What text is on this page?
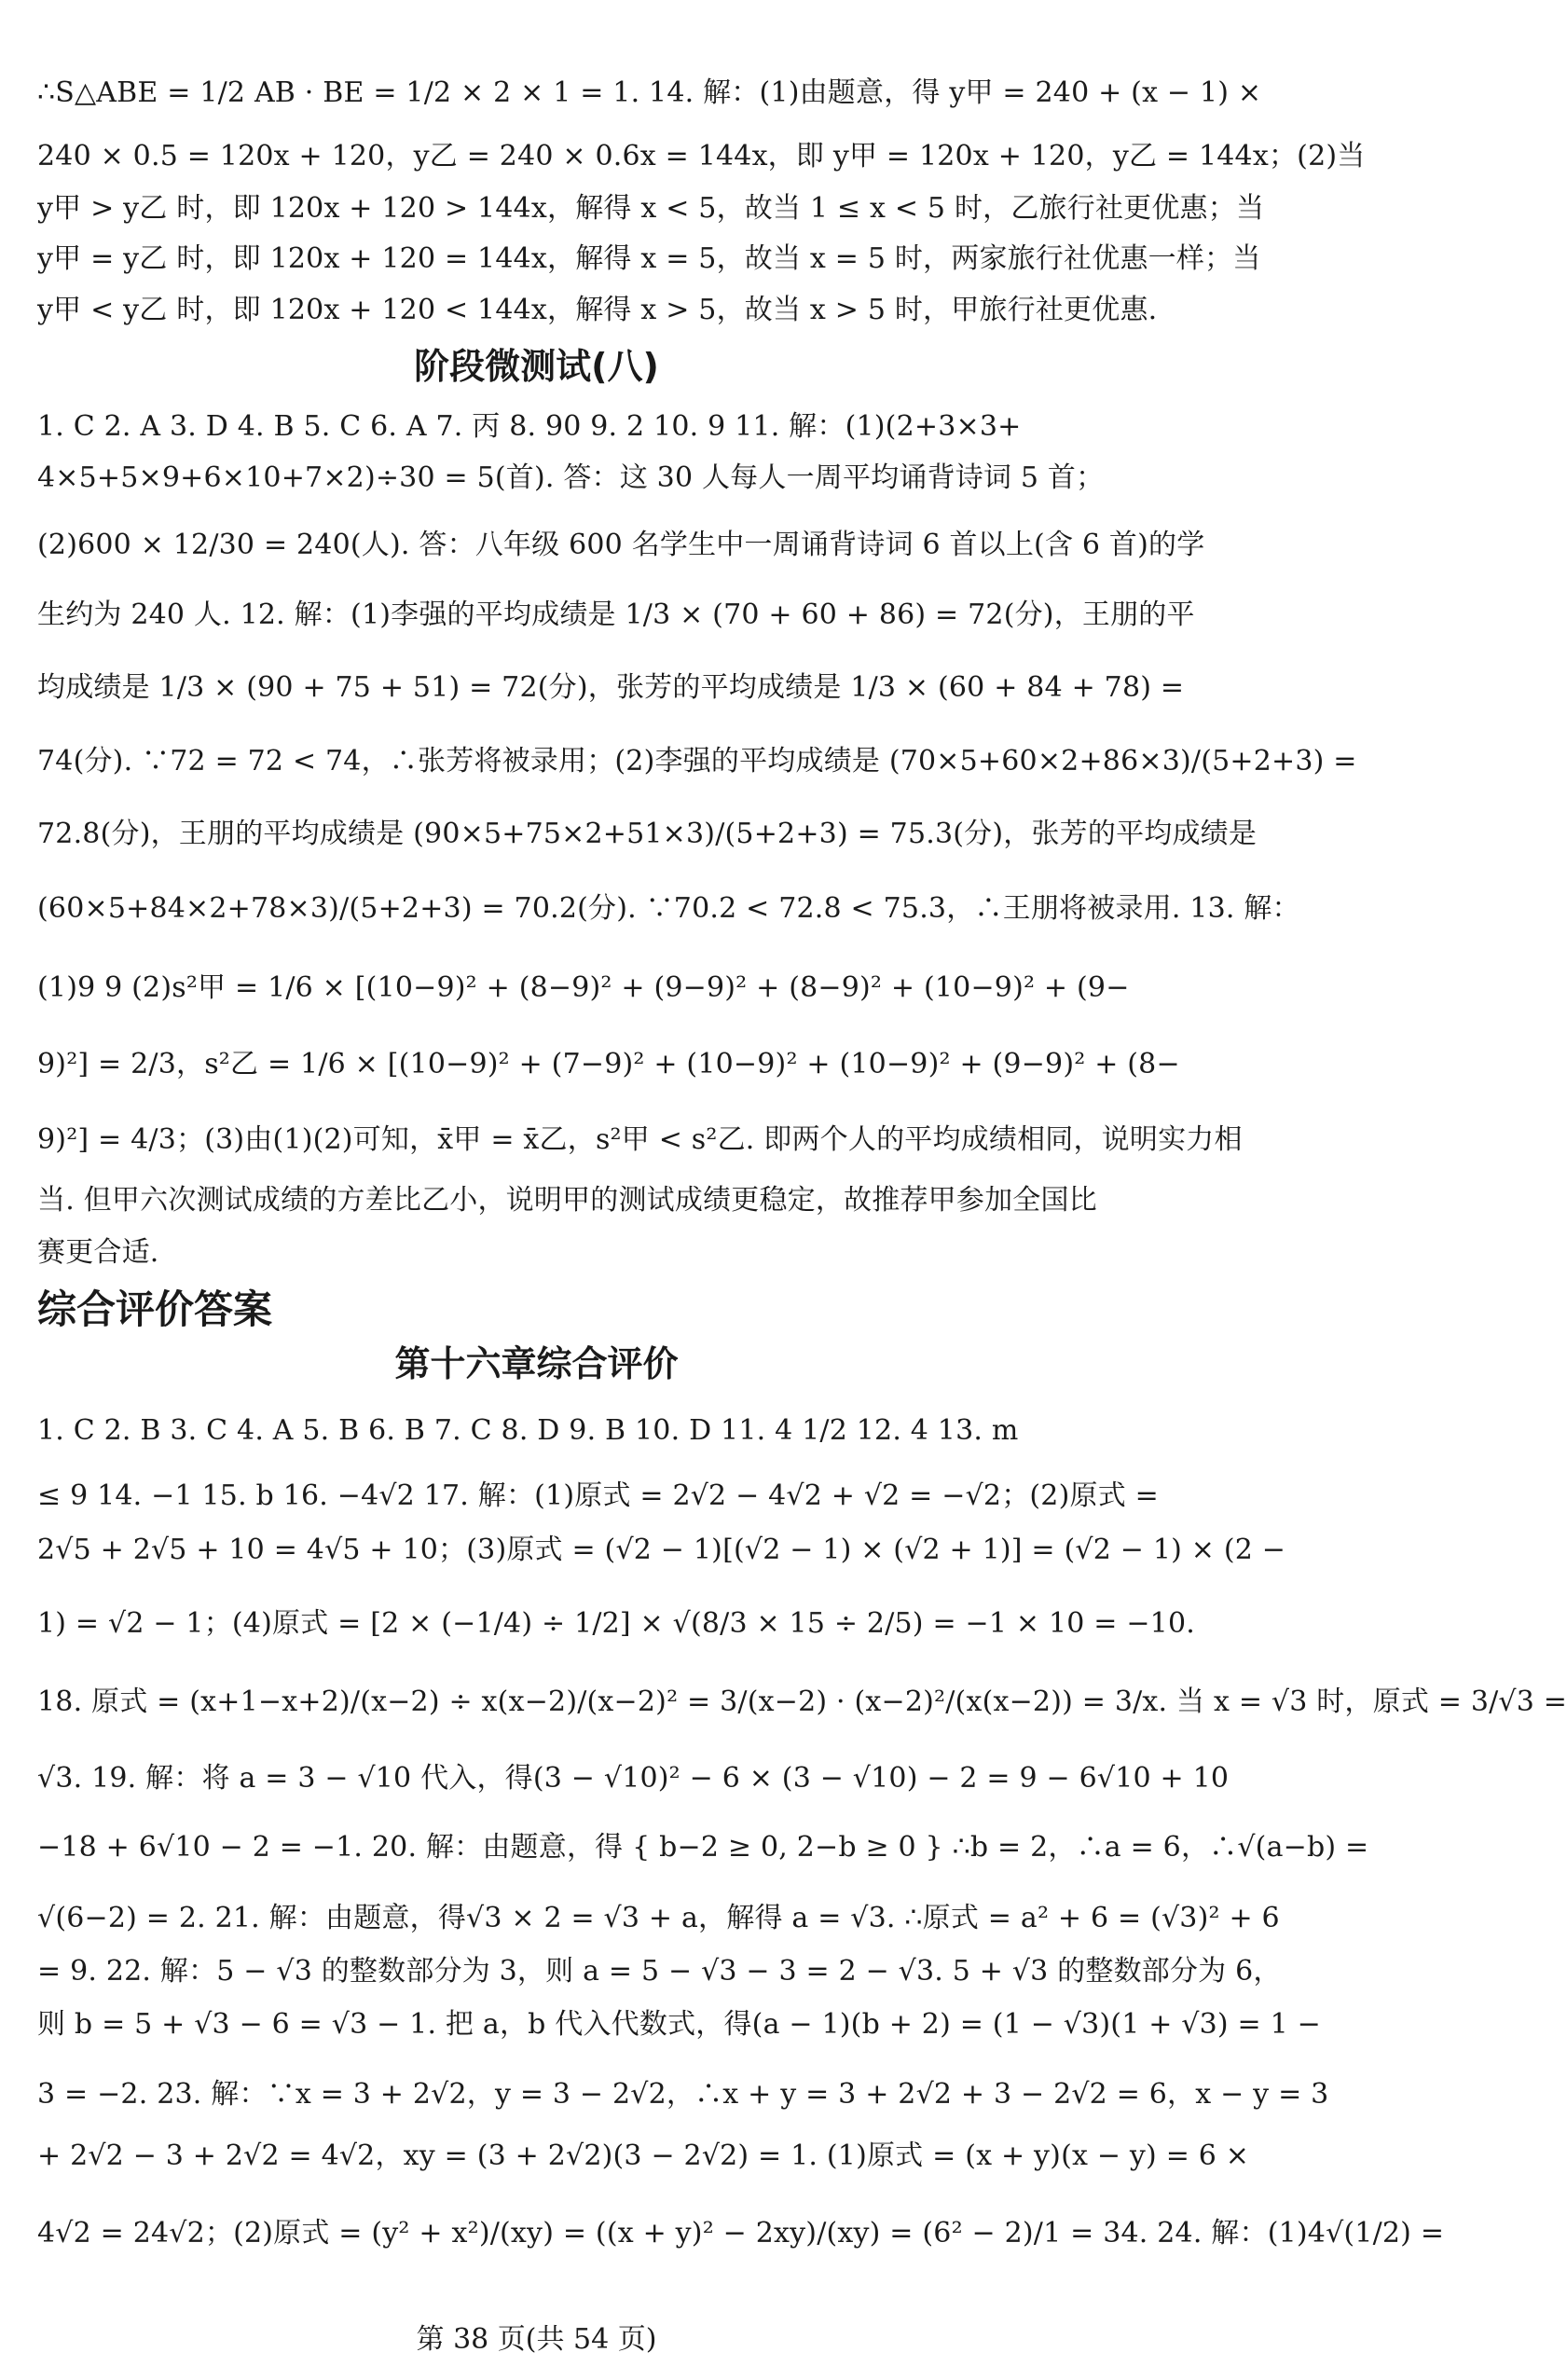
∴S△ABE = 1/2 AB · BE = 1/2 × 2 × 1 = 1. 14. 解：(1)由题意，得 y甲 = 240 + (x − 1) ×
240 × 0.5 = 120x + 120，y乙 = 240 × 0.6x = 144x，即 y甲 = 120x + 120，y乙 = 144x；(2)当
y甲 > y乙 时，即 120x + 120 > 144x，解得 x < 5，故当 1 ≤ x < 5 时，乙旅行社更优惠；当
y甲 = y乙 时，即 120x + 120 = 144x，解得 x = 5，故当 x = 5 时，两家旅行社优惠一样；当
y甲 < y乙 时，即 120x + 120 < 144x，解得 x > 5，故当 x > 5 时，甲旅行社更优惠.
阶段微测试(八)
1. C 2. A 3. D 4. B 5. C 6. A 7. 丙 8. 90 9. 2 10. 9 11. 解：(1)(2+3×3+
4×5+5×9+6×10+7×2)÷30 = 5(首). 答：这 30 人每人一周平均诵背诗词 5 首；
(2)600 × 12/30 = 240(人). 答：八年级 600 名学生中一周诵背诗词 6 首以上(含 6 首)的学
生约为 240 人. 12. 解：(1)李强的平均成绩是 1/3 × (70 + 60 + 86) = 72(分)，王朋的平
均成绩是 1/3 × (90 + 75 + 51) = 72(分)，张芳的平均成绩是 1/3 × (60 + 84 + 78) =
74(分). ∵72 = 72 < 74，∴张芳将被录用；(2)李强的平均成绩是 (70×5+60×2+86×3)/(5+2+3) =
72.8(分)，王朋的平均成绩是 (90×5+75×2+51×3)/(5+2+3) = 75.3(分)，张芳的平均成绩是
(60×5+84×2+78×3)/(5+2+3) = 70.2(分). ∵70.2 < 72.8 < 75.3，∴王朋将被录用. 13. 解：
(1)9 9 (2)s²甲 = 1/6 × [(10−9)² + (8−9)² + (9−9)² + (8−9)² + (10−9)² + (9−
9)²] = 2/3，s²乙 = 1/6 × [(10−9)² + (7−9)² + (10−9)² + (10−9)² + (9−9)² + (8−
9)²] = 4/3；(3)由(1)(2)可知，x̄甲 = x̄乙，s²甲 < s²乙. 即两个人的平均成绩相同，说明实力相
当. 但甲六次测试成绩的方差比乙小，说明甲的测试成绩更稳定，故推荐甲参加全国比
赛更合适.
综合评价答案
第十六章综合评价
1. C 2. B 3. C 4. A 5. B 6. B 7. C 8. D 9. B 10. D 11. 4 1/2 12. 4 13. m
≤ 9 14. −1 15. b 16. −4√2 17. 解：(1)原式 = 2√2 − 4√2 + √2 = −√2；(2)原式 =
2√5 + 2√5 + 10 = 4√5 + 10；(3)原式 = (√2 − 1)[(√2 − 1) × (√2 + 1)] = (√2 − 1) × (2 −
1) = √2 − 1；(4)原式 = [2 × (−1/4) ÷ 1/2] × √(8/3 × 15 ÷ 2/5) = −1 × 10 = −10.
18. 原式 = (x+1−x+2)/(x−2) ÷ x(x−2)/(x−2)² = 3/(x−2) · (x−2)²/(x(x−2)) = 3/x. 当 x = √3 时，原式 = 3/√3 =
√3. 19. 解：将 a = 3 − √10 代入，得(3 − √10)² − 6 × (3 − √10) − 2 = 9 − 6√10 + 10
−18 + 6√10 − 2 = −1. 20. 解：由题意，得 { b−2 ≥ 0, 2−b ≥ 0 } ∴b = 2，∴a = 6，∴√(a−b) =
√(6−2) = 2. 21. 解：由题意，得√3 × 2 = √3 + a，解得 a = √3. ∴原式 = a² + 6 = (√3)² + 6
= 9. 22. 解：5 − √3 的整数部分为 3，则 a = 5 − √3 − 3 = 2 − √3. 5 + √3 的整数部分为 6，
则 b = 5 + √3 − 6 = √3 − 1. 把 a，b 代入代数式，得(a − 1)(b + 2) = (1 − √3)(1 + √3) = 1 −
3 = −2. 23. 解：∵x = 3 + 2√2，y = 3 − 2√2，∴x + y = 3 + 2√2 + 3 − 2√2 = 6，x − y = 3
+ 2√2 − 3 + 2√2 = 4√2，xy = (3 + 2√2)(3 − 2√2) = 1. (1)原式 = (x + y)(x − y) = 6 ×
4√2 = 24√2；(2)原式 = (y² + x²)/(xy) = ((x + y)² − 2xy)/(xy) = (6² − 2)/1 = 34. 24. 解：(1)4√(1/2) =
第 38 页(共 54 页)
